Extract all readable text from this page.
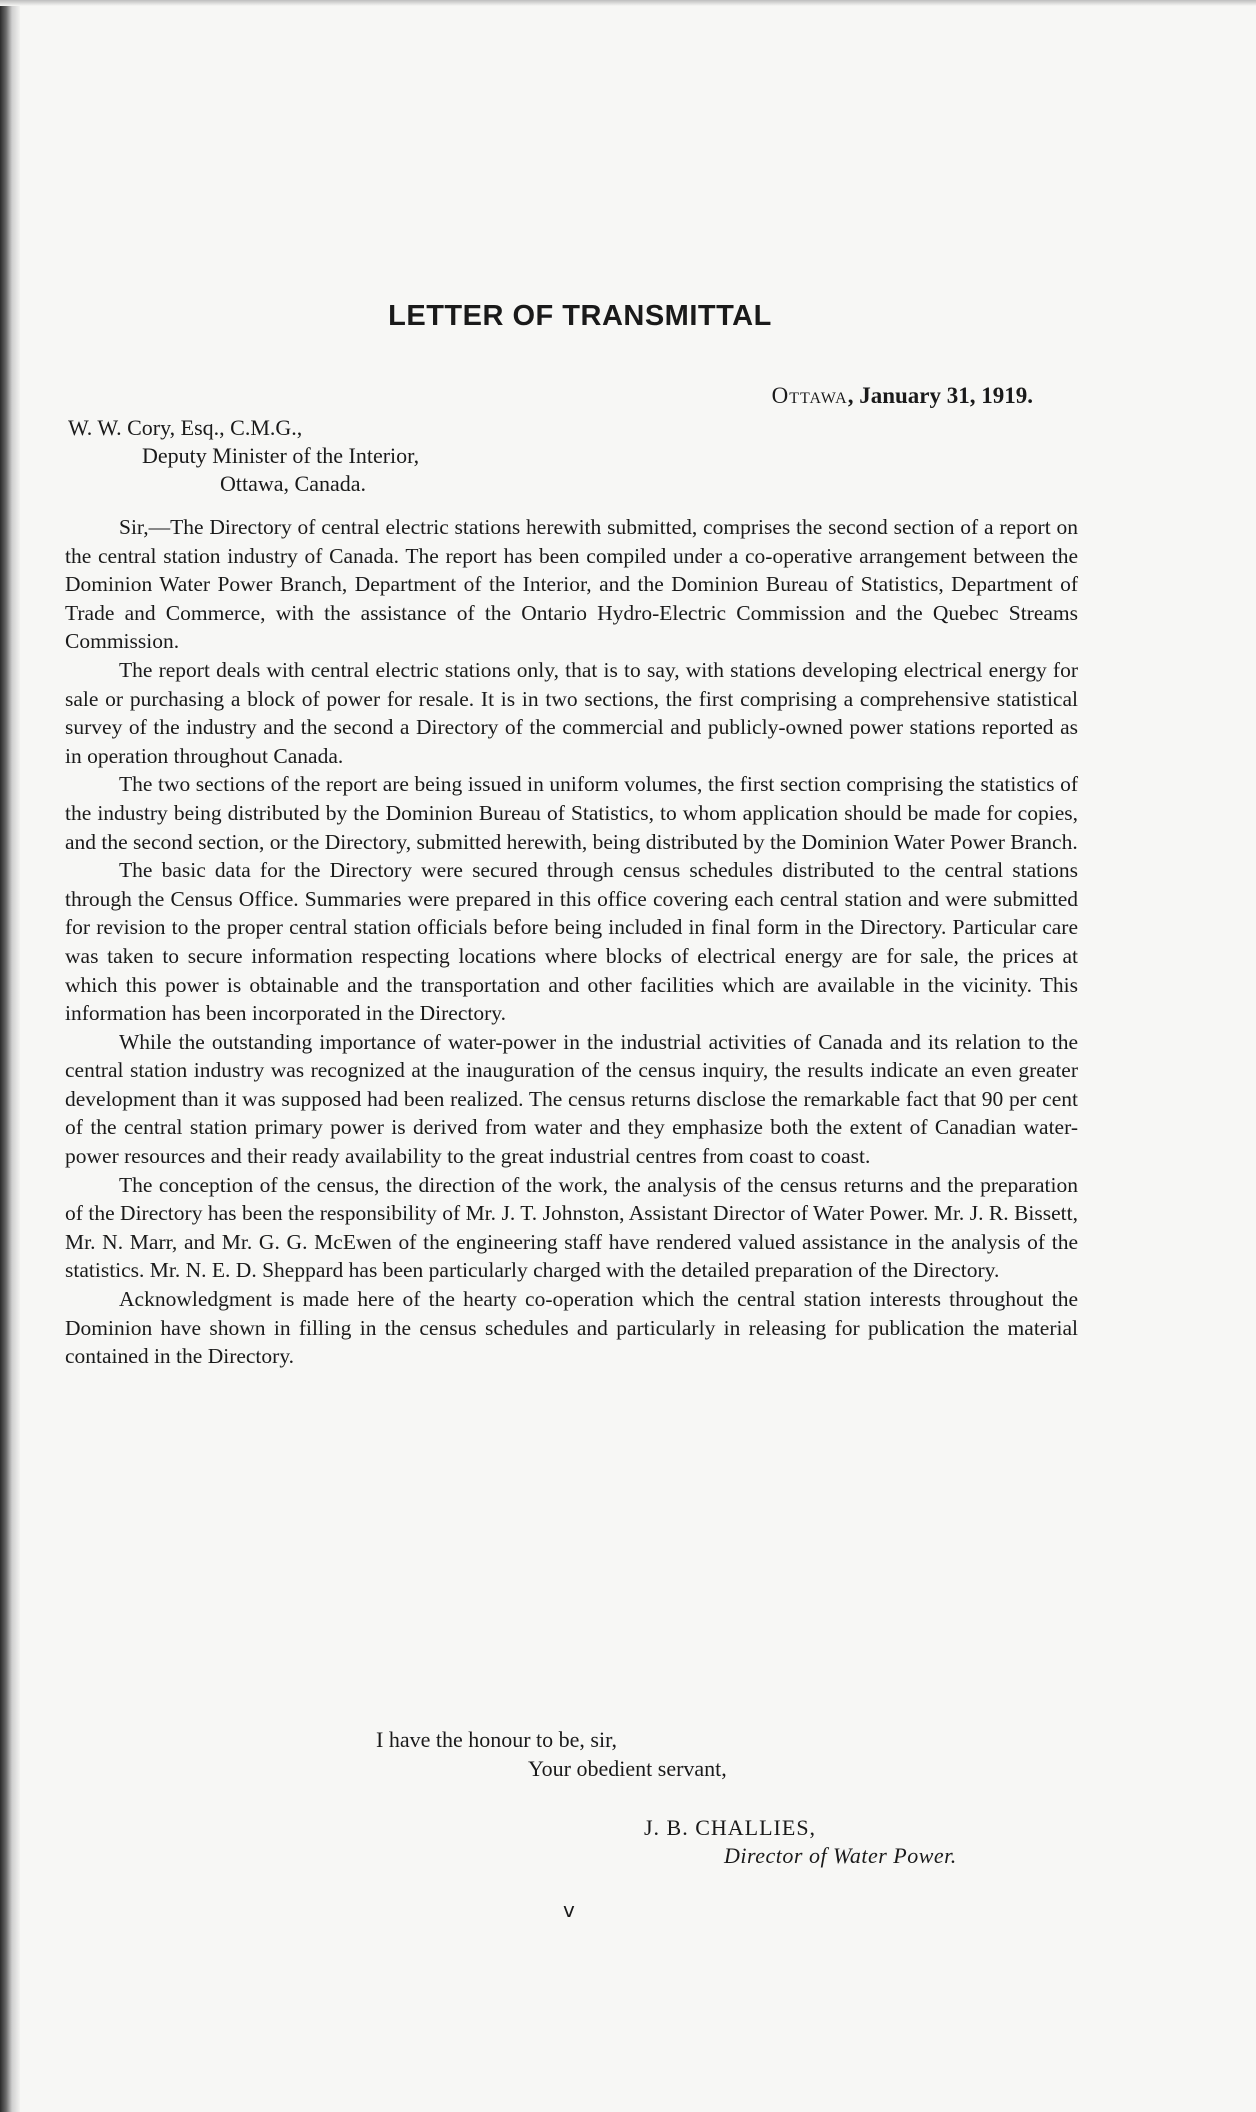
LETTER OF TRANSMITTAL
Ottawa, January 31, 1919.
W. W. Cory, Esq., C.M.G.,
Deputy Minister of the Interior,
Ottawa, Canada.

Sir,—The Directory of central electric stations herewith submitted, comprises the second section of a report on the central station industry of Canada. The report has been compiled under a co-operative arrangement between the Dominion Water Power Branch, Department of the Interior, and the Dominion Bureau of Statistics, Department of Trade and Commerce, with the assistance of the Ontario Hydro-Electric Commission and the Quebec Streams Commission.

The report deals with central electric stations only, that is to say, with stations developing electrical energy for sale or purchasing a block of power for resale. It is in two sections, the first comprising a comprehensive statistical survey of the industry and the second a Directory of the commercial and publicly-owned power stations reported as in operation throughout Canada.

The two sections of the report are being issued in uniform volumes, the first section comprising the statistics of the industry being distributed by the Dominion Bureau of Statistics, to whom application should be made for copies, and the second section, or the Directory, submitted herewith, being distributed by the Dominion Water Power Branch.

The basic data for the Directory were secured through census schedules distributed to the central stations through the Census Office. Summaries were prepared in this office covering each central station and were submitted for revision to the proper central station officials before being included in final form in the Directory. Particular care was taken to secure information respecting locations where blocks of electrical energy are for sale, the prices at which this power is obtainable and the transportation and other facilities which are available in the vicinity. This information has been incorporated in the Directory.

While the outstanding importance of water-power in the industrial activities of Canada and its relation to the central station industry was recognized at the inauguration of the census inquiry, the results indicate an even greater development than it was supposed had been realized. The census returns disclose the remarkable fact that 90 per cent of the central station primary power is derived from water and they emphasize both the extent of Canadian water-power resources and their ready availability to the great industrial centres from coast to coast.

The conception of the census, the direction of the work, the analysis of the census returns and the preparation of the Directory has been the responsibility of Mr. J. T. Johnston, Assistant Director of Water Power. Mr. J. R. Bissett, Mr. N. Marr, and Mr. G. G. McEwen of the engineering staff have rendered valued assistance in the analysis of the statistics. Mr. N. E. D. Sheppard has been particularly charged with the detailed preparation of the Directory.

Acknowledgment is made here of the hearty co-operation which the central station interests throughout the Dominion have shown in filling in the census schedules and particularly in releasing for publication the material contained in the Directory.

I have the honour to be, sir,
Your obedient servant,
J. B. CHALLIES,
Director of Water Power.
v
